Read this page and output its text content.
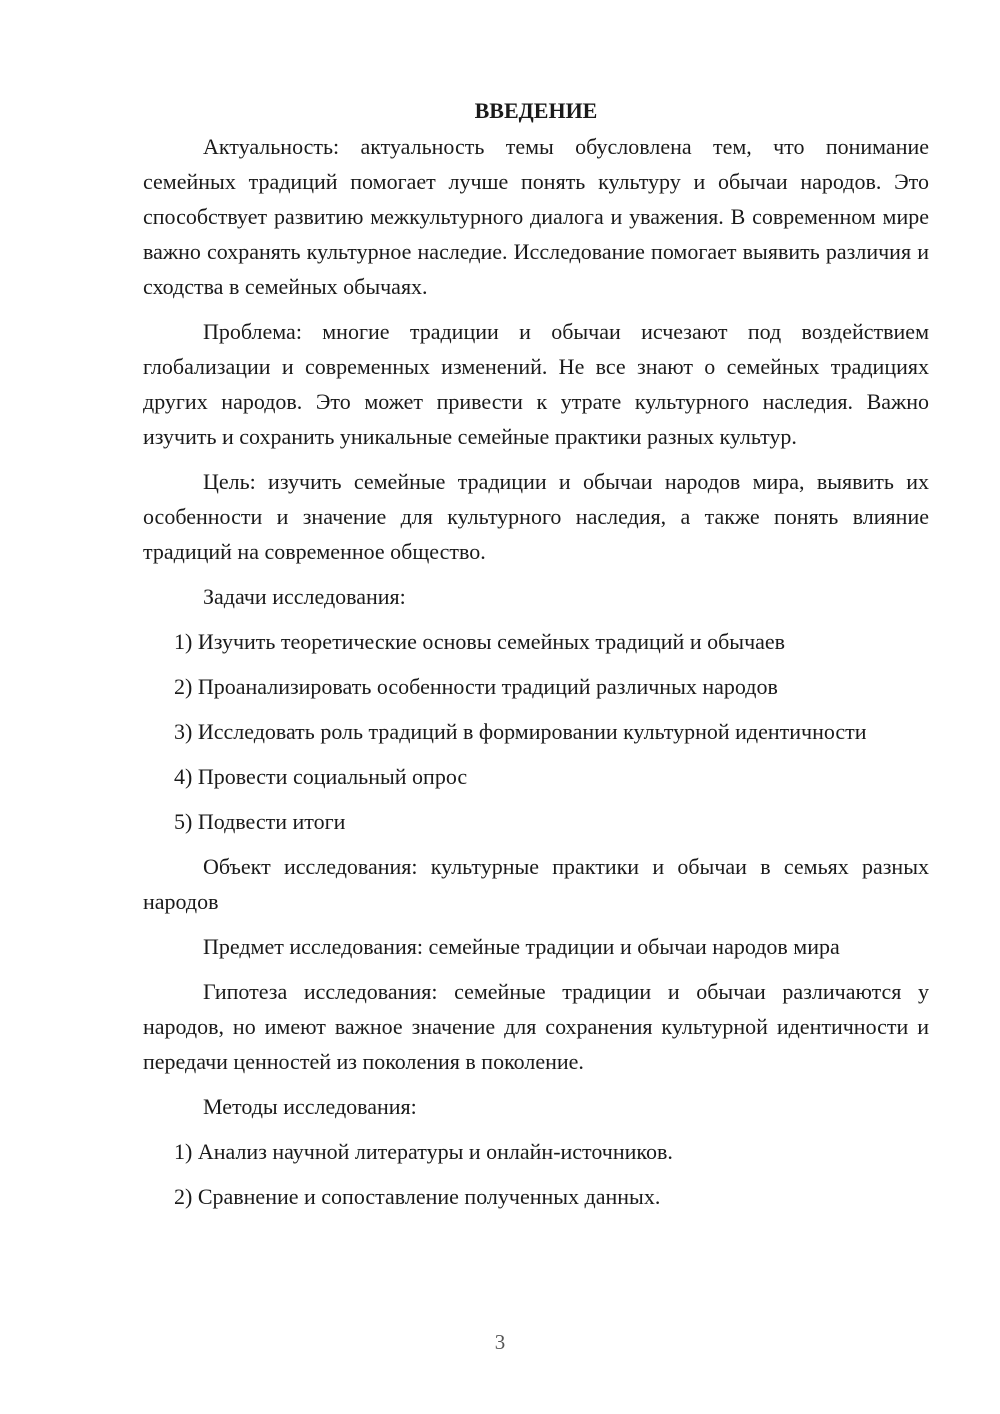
ВВЕДЕНИЕ

Актуальность: актуальность темы обусловлена тем, что понимание семейных традиций помогает лучше понять культуру и обычаи народов. Это способствует развитию межкультурного диалога и уважения. В современном мире важно сохранять культурное наследие. Исследование помогает выявить различия и сходства в семейных обычаях.

Проблема: многие традиции и обычаи исчезают под воздействием глобализации и современных изменений. Не все знают о семейных традициях других народов. Это может привести к утрате культурного наследия. Важно изучить и сохранить уникальные семейные практики разных культур.

Цель: изучить семейные традиции и обычаи народов мира, выявить их особенности и значение для культурного наследия, а также понять влияние традиций на современное общество.

Задачи исследования:

1) Изучить теоретические основы семейных традиций и обычаев
2) Проанализировать особенности традиций различных народов
3) Исследовать роль традиций в формировании культурной идентичности
4) Провести социальный опрос
5) Подвести итоги

Объект исследования: культурные практики и обычаи в семьях разных народов

Предмет исследования: семейные традиции и обычаи народов мира

Гипотеза исследования: семейные традиции и обычаи различаются у народов, но имеют важное значение для сохранения культурной идентичности и передачи ценностей из поколения в поколение.

Методы исследования:

1) Анализ научной литературы и онлайн-источников.
2) Сравнение и сопоставление полученных данных.
3
